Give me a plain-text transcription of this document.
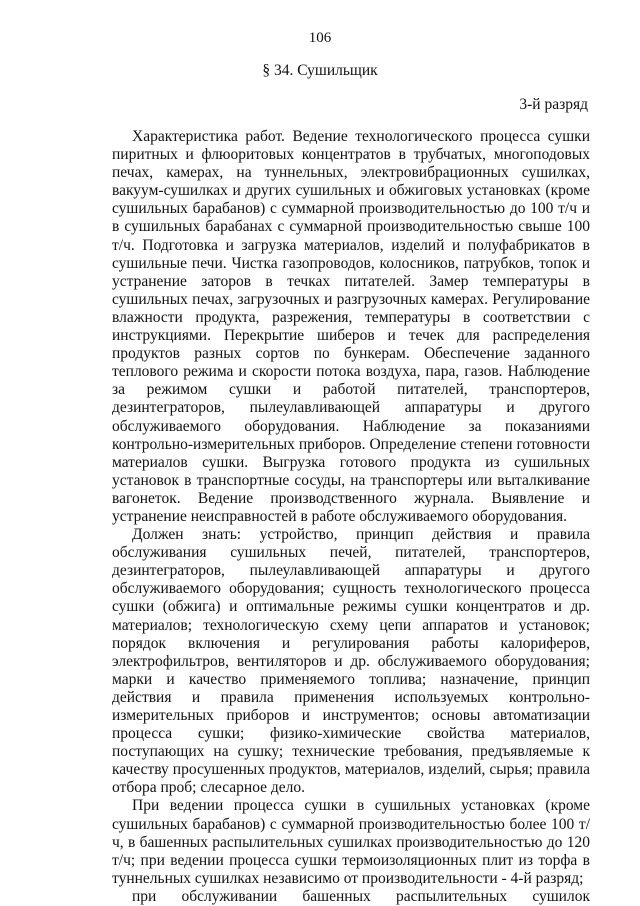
106
§ 34. Сушильщик
3-й разряд

Характеристика работ. Ведение технологического процесса сушки пиритных и флюоритовых концентратов в трубчатых, многоподовых печах, камерах, на туннельных, электровибрационных сушилках, вакуум-сушилках и других сушильных и обжиговых установках (кроме сушильных барабанов) с суммарной производительностью до 100 т/ч и в сушильных барабанах с суммарной производительностью свыше 100 т/ч. Подготовка и загрузка материалов, изделий и полуфабрикатов в сушильные печи. Чистка газопроводов, колосников, патрубков, топок и устранение заторов в течках питателей. Замер температуры в сушильных печах, загрузочных и разгрузочных камерах. Регулирование влажности продукта, разрежения, температуры в соответствии с инструкциями. Перекрытие шиберов и течек для распределения продуктов разных сортов по бункерам. Обеспечение заданного теплового режима и скорости потока воздуха, пара, газов. Наблюдение за режимом сушки и работой питателей, транспортеров, дезинтеграторов, пылеулавливающей аппаратуры и другого обслуживаемого оборудования. Наблюдение за показаниями контрольно-измерительных приборов. Определение степени готовности материалов сушки. Выгрузка готового продукта из сушильных установок в транспортные сосуды, на транспортеры или выталкивание вагонеток. Ведение производственного журнала. Выявление и устранение неисправностей в работе обслуживаемого оборудования.

Должен знать: устройство, принцип действия и правила обслуживания сушильных печей, питателей, транспортеров, дезинтеграторов, пылеулавливающей аппаратуры и другого обслуживаемого оборудования; сущность технологического процесса сушки (обжига) и оптимальные режимы сушки концентратов и др. материалов; технологическую схему цепи аппаратов и установок; порядок включения и регулирования работы калориферов, электрофильтров, вентиляторов и др. обслуживаемого оборудования; марки и качество применяемого топлива; назначение, принцип действия и правила применения используемых контрольно-измерительных приборов и инструментов; основы автоматизации процесса сушки; физико-химические свойства материалов, поступающих на сушку; технические требования, предъявляемые к качеству просушенных продуктов, материалов, изделий, сырья; правила отбора проб; слесарное дело.

При ведении процесса сушки в сушильных установках (кроме сушильных барабанов) с суммарной производительностью более 100 т/ч, в башенных распылительных сушилках производительностью до 120 т/ч; при ведении процесса сушки термоизоляционных плит из торфа в туннельных сушилках независимо от производительности - 4-й разряд;

при обслуживании башенных распылительных сушилок
